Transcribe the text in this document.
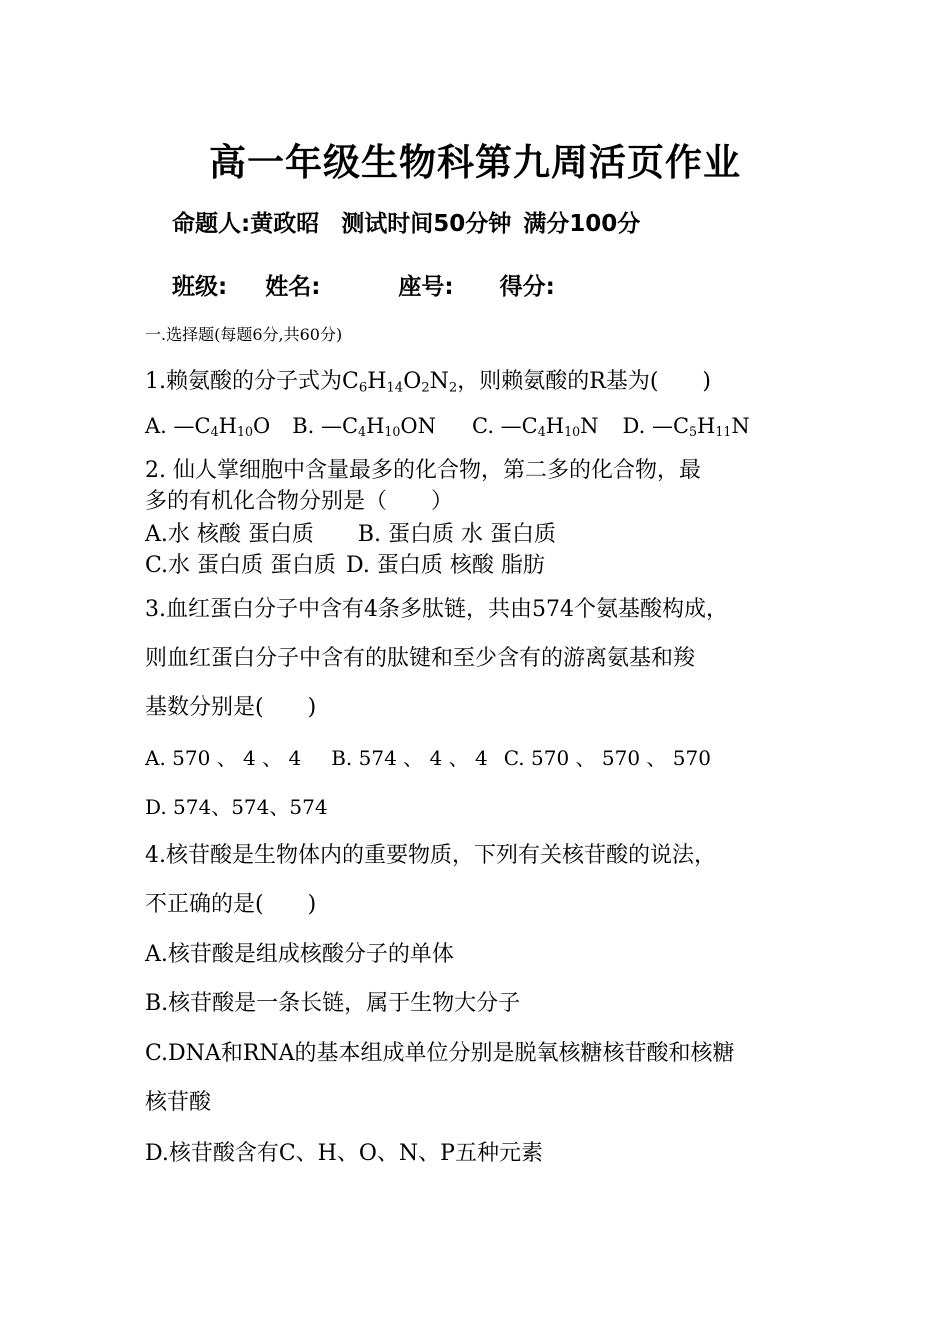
高一年级生物科第九周活页作业
命题人:黄政昭 测试时间50分钟 满分100分
班级: 姓名:	座号: 得分:
一.选择题(每题6分,共60分)
1.赖氨酸的分子式为$C_6H_{14}O_2N_2$，则赖氨酸的R基为(　　)
A. $—C_4H_{10}O$ B. $—C_4H_{10}ON$ C. $—C_4H_{10}N$ D. $—C_5H_{11}N$
2. 仙人掌细胞中含量最多的化合物，第二多的化合物，最
多的有机化合物分别是（　　）
A.水 核酸 蛋白质 B. 蛋白质 水 蛋白质
C.水 蛋白质 蛋白质 D. 蛋白质 核酸 脂肪
3.血红蛋白分子中含有4条多肽链，共由574个氨基酸构成，
则血红蛋白分子中含有的肽键和至少含有的游离氨基和羧
基数分别是(　　)
A. 570 、 4 、 4 B. 574 、 4 、 4 C. 570 、 570 、 570
D. 574、574、574
4.核苷酸是生物体内的重要物质，下列有关核苷酸的说法，
不正确的是(　　)
A.核苷酸是组成核酸分子的单体
B.核苷酸是一条长链，属于生物大分子
C.DNA和RNA的基本组成单位分别是脱氧核糖核苷酸和核糖
核苷酸
D.核苷酸含有C、H、O、N、P五种元素
